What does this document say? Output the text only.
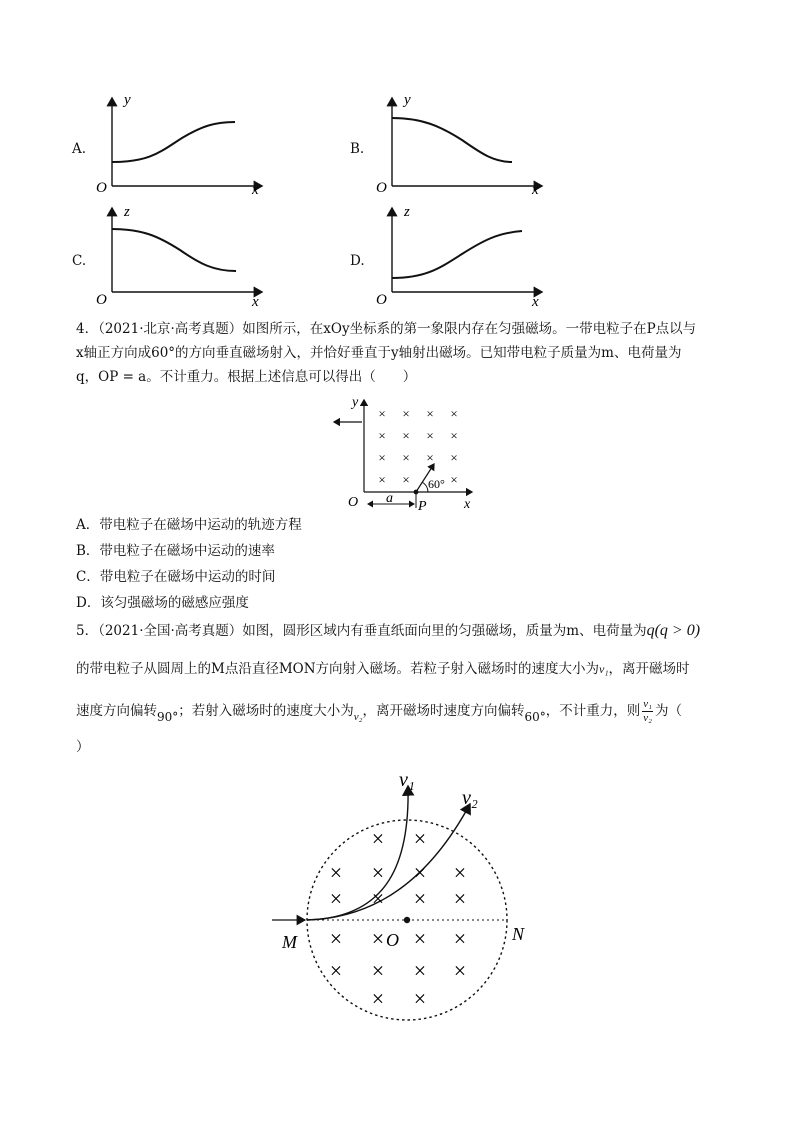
A.
y
O	x
B.
y
O	x
C.
z
O	x
D.
z
O	x
4．（2021·北京·高考真题）如图所示，在xOy坐标系的第一象限内存在匀强磁场。一带电粒子在P点以与
x轴正方向成60°的方向垂直磁场射入，并恰好垂直于y轴射出磁场。已知带电粒子质量为m、电荷量为
q，OP = a。不计重力。根据上述信息可以得出（　　）
×
×
×
×
×
×
×
×
×
×
×
×
×
×
×
y
O	x
a
P
60°
A．带电粒子在磁场中运动的轨迹方程
B．带电粒子在磁场中运动的速率
C．带电粒子在磁场中运动的时间
D．该匀强磁场的磁感应强度
5．（2021·全国·高考真题）如图，圆形区域内有垂直纸面向里的匀强磁场，质量为m、电荷量为q(q > 0)
的带电粒子从圆周上的M点沿直径MON方向射入磁场。若粒子射入磁场时的速度大小为v₁，离开磁场时
速度方向偏转90°；若射入磁场时的速度大小为$_{v_2}$，离开磁场时速度方向偏转60°，不计重力，则 $\frac{\text{v₁}}{\text{v₂}}$ 为（
）
× ×
× × × ×
× × × ×
× × × ×
× × × ×
× ×
v₁
v₂
M	O	N
